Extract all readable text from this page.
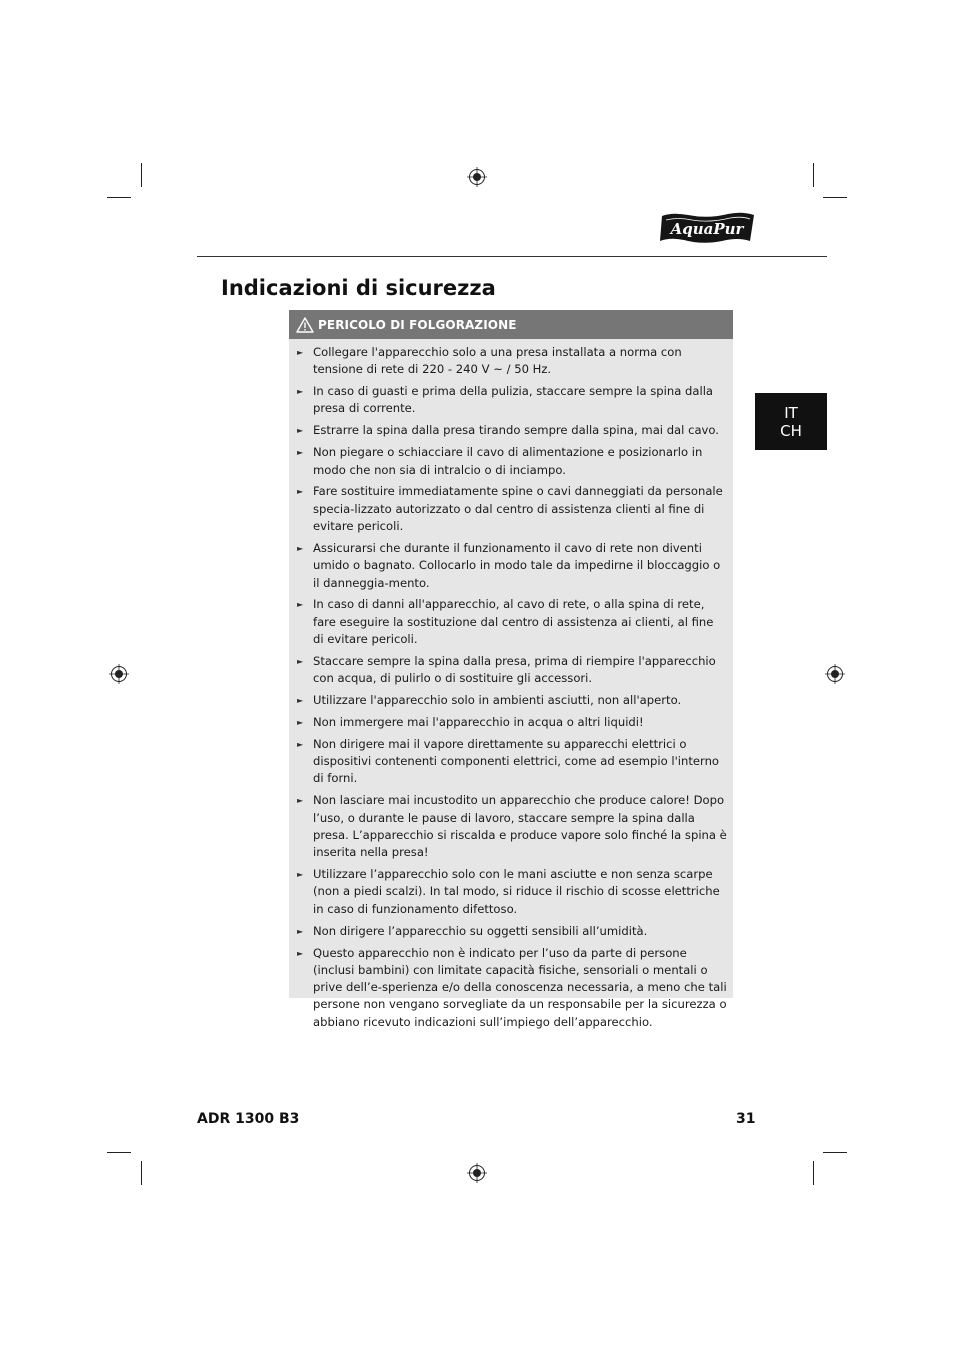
AquaPur
Indicazioni di sicurezza
IT
CH
PERICOLO DI FOLGORAZIONE
► Collegare l'apparecchio solo a una presa installata a norma con tensione di rete di 220 - 240 V ~ / 50 Hz.
► In caso di guasti e prima della pulizia, staccare sempre la spina dalla presa di corrente.
► Estrarre la spina dalla presa tirando sempre dalla spina, mai dal cavo.
► Non piegare o schiacciare il cavo di alimentazione e posizionarlo in modo che non sia di intralcio o di inciampo.
► Fare sostituire immediatamente spine o cavi danneggiati da personale specia-lizzato autorizzato o dal centro di assistenza clienti al fine di evitare pericoli.
► Assicurarsi che durante il funzionamento il cavo di rete non diventi umido o bagnato. Collocarlo in modo tale da impedirne il bloccaggio o il danneggia-mento.
► In caso di danni all'apparecchio, al cavo di rete, o alla spina di rete, fare eseguire la sostituzione dal centro di assistenza ai clienti, al fine di evitare pericoli.
► Staccare sempre la spina dalla presa, prima di riempire l'apparecchio con acqua, di pulirlo o di sostituire gli accessori.
► Utilizzare l'apparecchio solo in ambienti asciutti, non all'aperto.
► Non immergere mai l'apparecchio in acqua o altri liquidi!
► Non dirigere mai il vapore direttamente su apparecchi elettrici o dispositivi contenenti componenti elettrici, come ad esempio l'interno di forni.
► Non lasciare mai incustodito un apparecchio che produce calore! Dopo l’uso, o durante le pause di lavoro, staccare sempre la spina dalla presa. L’apparecchio si riscalda e produce vapore solo finché la spina è inserita nella presa!
► Utilizzare l’apparecchio solo con le mani asciutte e non senza scarpe (non a piedi scalzi). In tal modo, si riduce il rischio di scosse elettriche in caso di funzionamento difettoso.
► Non dirigere l’apparecchio su oggetti sensibili all’umidità.
► Questo apparecchio non è indicato per l’uso da parte di persone (inclusi bambini) con limitate capacità fisiche, sensoriali o mentali o prive dell’e-sperienza e/o della conoscenza necessaria, a meno che tali persone non vengano sorvegliate da un responsabile per la sicurezza o abbiano ricevuto indicazioni sull’impiego dell’apparecchio.
ADR 1300 B3	31
